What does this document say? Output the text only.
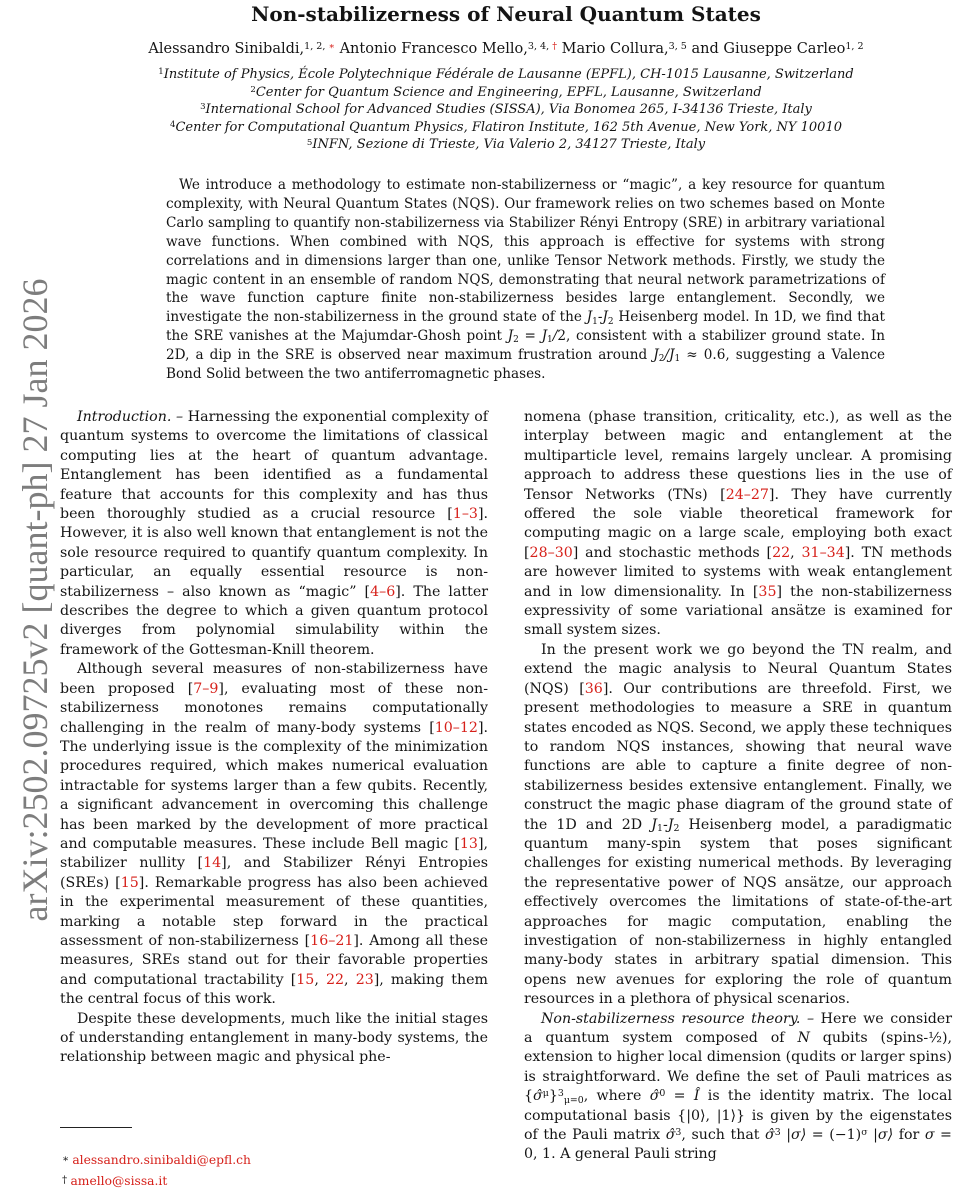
arXiv:2502.09725v2 [quant-ph] 27 Jan 2026
Non-stabilizerness of Neural Quantum States
Alessandro Sinibaldi,$^{1, 2,}$ ∗ Antonio Francesco Mello,$^{3, 4,}$ † Mario Collura,$^{3, 5}$ and Giuseppe Carleo$^{1, 2}$
$^1$Institute of Physics, École Polytechnique Fédérale de Lausanne (EPFL), CH-1015 Lausanne, Switzerland
$^2$Center for Quantum Science and Engineering, EPFL, Lausanne, Switzerland
$^3$International School for Advanced Studies (SISSA), Via Bonomea 265, I-34136 Trieste, Italy
$^4$Center for Computational Quantum Physics, Flatiron Institute, 162 5th Avenue, New York, NY 10010
$^5$INFN, Sezione di Trieste, Via Valerio 2, 34127 Trieste, Italy
We introduce a methodology to estimate non-stabilizerness or “magic”, a key resource for quantum complexity, with Neural Quantum States (NQS). Our framework relies on two schemes based on Monte Carlo sampling to quantify non-stabilizerness via Stabilizer Rényi Entropy (SRE) in arbitrary variational wave functions. When combined with NQS, this approach is effective for systems with strong correlations and in dimensions larger than one, unlike Tensor Network methods. Firstly, we study the magic content in an ensemble of random NQS, demonstrating that neural network parametrizations of the wave function capture finite non-stabilizerness besides large entanglement. Secondly, we investigate the non-stabilizerness in the ground state of the J1-J2 Heisenberg model. In 1D, we find that the SRE vanishes at the Majumdar-Ghosh point J2 = J1/2, consistent with a stabilizer ground state. In 2D, a dip in the SRE is observed near maximum frustration around J2/J1 ≈ 0.6, suggesting a Valence Bond Solid between the two antiferromagnetic phases.

Introduction. – Harnessing the exponential complexity of quantum systems to overcome the limitations of classical computing lies at the heart of quantum advantage. Entanglement has been identified as a fundamental feature that accounts for this complexity and has thus been thoroughly studied as a crucial resource [1–3]. However, it is also well known that entanglement is not the sole resource required to quantify quantum complexity. In particular, an equally essential resource is non-stabilizerness – also known as “magic” [4–6]. The latter describes the degree to which a given quantum protocol diverges from polynomial simulability within the framework of the Gottesman-Knill theorem.

Although several measures of non-stabilizerness have been proposed [7–9], evaluating most of these non-stabilizerness monotones remains computationally challenging in the realm of many-body systems [10–12]. The underlying issue is the complexity of the minimization procedures required, which makes numerical evaluation intractable for systems larger than a few qubits. Recently, a significant advancement in overcoming this challenge has been marked by the development of more practical and computable measures. These include Bell magic [13], stabilizer nullity [14], and Stabilizer Rényi Entropies (SREs) [15]. Remarkable progress has also been achieved in the experimental measurement of these quantities, marking a notable step forward in the practical assessment of non-stabilizerness [16–21]. Among all these measures, SREs stand out for their favorable properties and computational tractability [15, 22, 23], making them the central focus of this work.

Despite these developments, much like the initial stages of understanding entanglement in many-body systems, the relationship between magic and physical phe-

nomena (phase transition, criticality, etc.), as well as the interplay between magic and entanglement at the multiparticle level, remains largely unclear. A promising approach to address these questions lies in the use of Tensor Networks (TNs) [24–27]. They have currently offered the sole viable theoretical framework for computing magic on a large scale, employing both exact [28–30] and stochastic methods [22, 31–34]. TN methods are however limited to systems with weak entanglement and in low dimensionality. In [35] the non-stabilizerness expressivity of some variational ansätze is examined for small system sizes.

In the present work we go beyond the TN realm, and extend the magic analysis to Neural Quantum States (NQS) [36]. Our contributions are threefold. First, we present methodologies to measure a SRE in quantum states encoded as NQS. Second, we apply these techniques to random NQS instances, showing that neural wave functions are able to capture a finite degree of non-stabilizerness besides extensive entanglement. Finally, we construct the magic phase diagram of the ground state of the 1D and 2D J1-J2 Heisenberg model, a paradigmatic quantum many-spin system that poses significant challenges for existing numerical methods. By leveraging the representative power of NQS ansätze, our approach effectively overcomes the limitations of state-of-the-art approaches for magic computation, enabling the investigation of non-stabilizerness in highly entangled many-body states in arbitrary spatial dimension. This opens new avenues for exploring the role of quantum resources in a plethora of physical scenarios.

Non-stabilizerness resource theory. – Here we consider a quantum system composed of N qubits (spins-½), extension to higher local dimension (qudits or larger spins) is straightforward. We define the set of Pauli matrices as {σ̂$^\mu$}$^3$μ=0, where σ̂$^0$ = Î is the identity matrix. The local computational basis {|0⟩, |1⟩} is given by the eigenstates of the Pauli matrix σ̂$^3$, such that σ̂$^3$ |σ⟩ = $(-1)^\sigma$ |σ⟩ for σ = 0, 1. A general Pauli string

∗ alessandro.sinibaldi@epfl.ch
† amello@sissa.it
